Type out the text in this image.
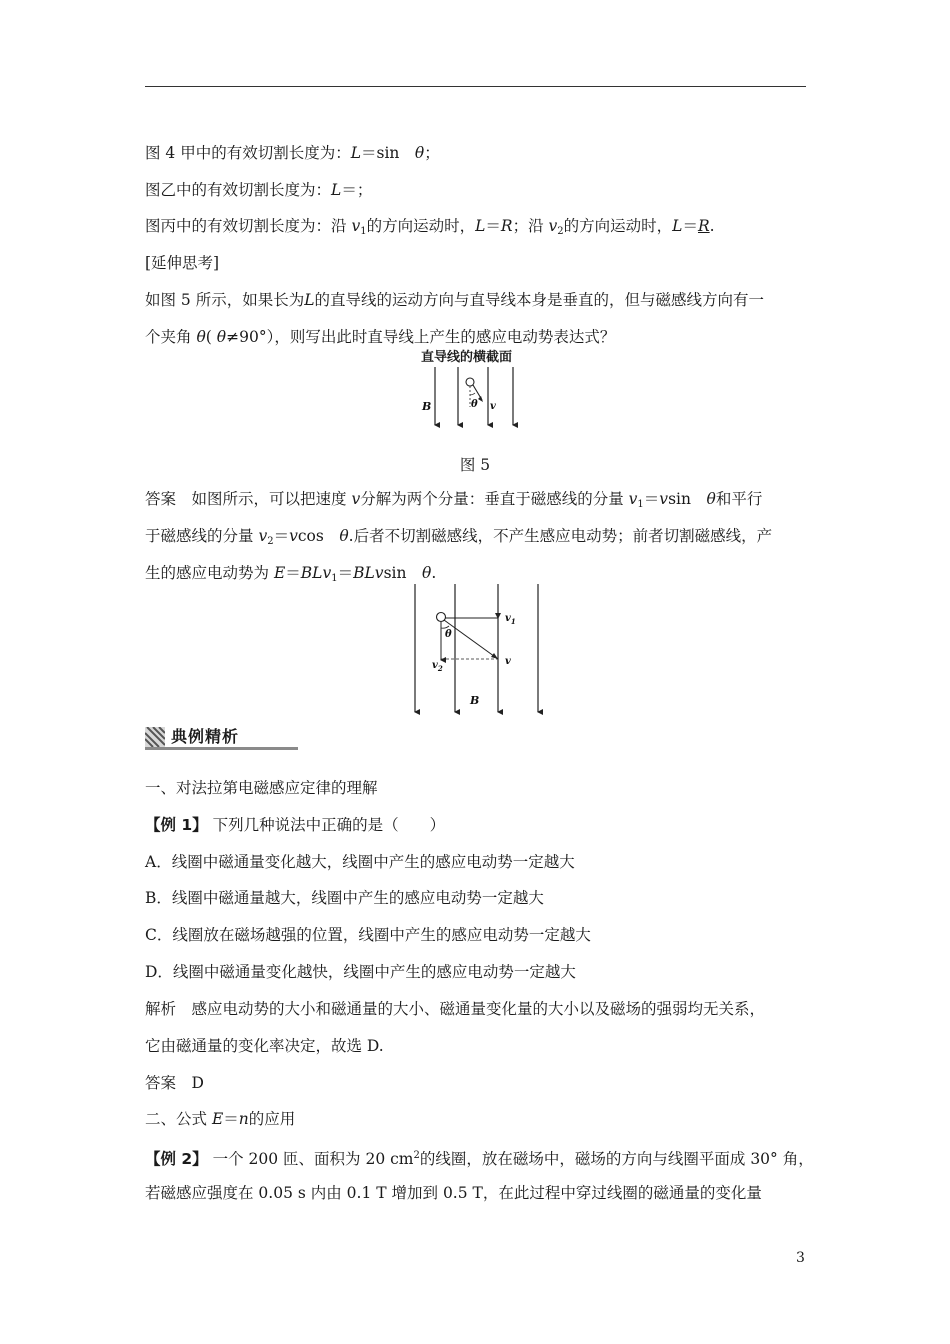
图 4 甲中的有效切割长度为：L＝sin　θ；
图乙中的有效切割长度为：L＝；
图丙中的有效切割长度为：沿 $v_1$的方向运动时，L＝R；沿 $v_2$的方向运动时，L＝R.
[延伸思考]
如图 5 所示，如果长为L的直导线的运动方向与直导线本身是垂直的，但与磁感线方向有一
个夹角 θ( θ≠90°），则写出此时直导线上产生的感应电动势表达式？
直导线的横截面
B	θ v
图 5
答案　如图所示，可以把速度 v分解为两个分量：垂直于磁感线的分量 $v_1=vsin$　θ和平行
于磁感线的分量 $v_2=vcos$　θ.后者不切割磁感线，不产生感应电动势；前者切割磁感线，产
生的感应电动势为 E＝BLv$_1$＝BLvsin　θ.
$v_1$
$v_2$
v
θ
B
典例精析
一、对法拉第电磁感应定律的理解
【例 1】 下列几种说法中正确的是（　　）
A．线圈中磁通量变化越大，线圈中产生的感应电动势一定越大
B．线圈中磁通量越大，线圈中产生的感应电动势一定越大
C．线圈放在磁场越强的位置，线圈中产生的感应电动势一定越大
D．线圈中磁通量变化越快，线圈中产生的感应电动势一定越大
解析　感应电动势的大小和磁通量的大小、磁通量变化量的大小以及磁场的强弱均无关系，
它由磁通量的变化率决定，故选 D.
答案　D
二、公式 E＝n的应用
【例 2】 一个 200 匝、面积为 20 $cm^2$的线圈，放在磁场中，磁场的方向与线圈平面成 30° 角，
若磁感应强度在 0.05 s 内由 0.1 T 增加到 0.5 T，在此过程中穿过线圈的磁通量的变化量
3
